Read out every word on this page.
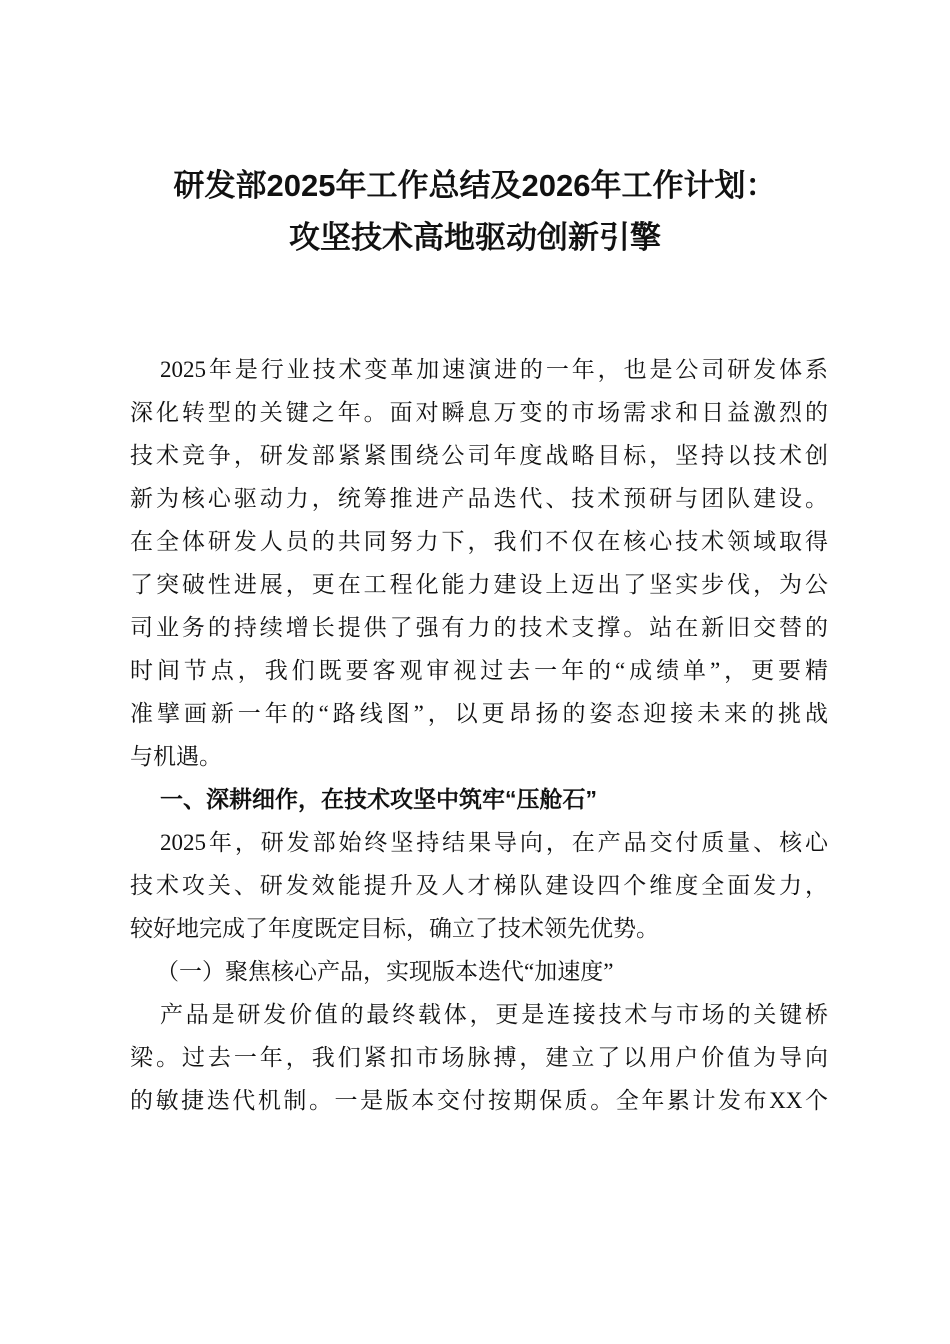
研发部2025年工作总结及2026年工作计划：
攻坚技术高地驱动创新引擎
2025年是行业技术变革加速演进的一年，也是公司研发体系
深化转型的关键之年。面对瞬息万变的市场需求和日益激烈的
技术竞争，研发部紧紧围绕公司年度战略目标，坚持以技术创
新为核心驱动力，统筹推进产品迭代、技术预研与团队建设。
在全体研发人员的共同努力下，我们不仅在核心技术领域取得
了突破性进展，更在工程化能力建设上迈出了坚实步伐，为公
司业务的持续增长提供了强有力的技术支撑。站在新旧交替的
时间节点，我们既要客观审视过去一年的“成绩单”，更要精
准擘画新一年的“路线图”，以更昂扬的姿态迎接未来的挑战
与机遇。
一、深耕细作，在技术攻坚中筑牢“压舱石”
2025年，研发部始终坚持结果导向，在产品交付质量、核心
技术攻关、研发效能提升及人才梯队建设四个维度全面发力，
较好地完成了年度既定目标，确立了技术领先优势。
（一）聚焦核心产品，实现版本迭代“加速度”
产品是研发价值的最终载体，更是连接技术与市场的关键桥
梁。过去一年，我们紧扣市场脉搏，建立了以用户价值为导向
的敏捷迭代机制。一是版本交付按期保质。全年累计发布XX个
